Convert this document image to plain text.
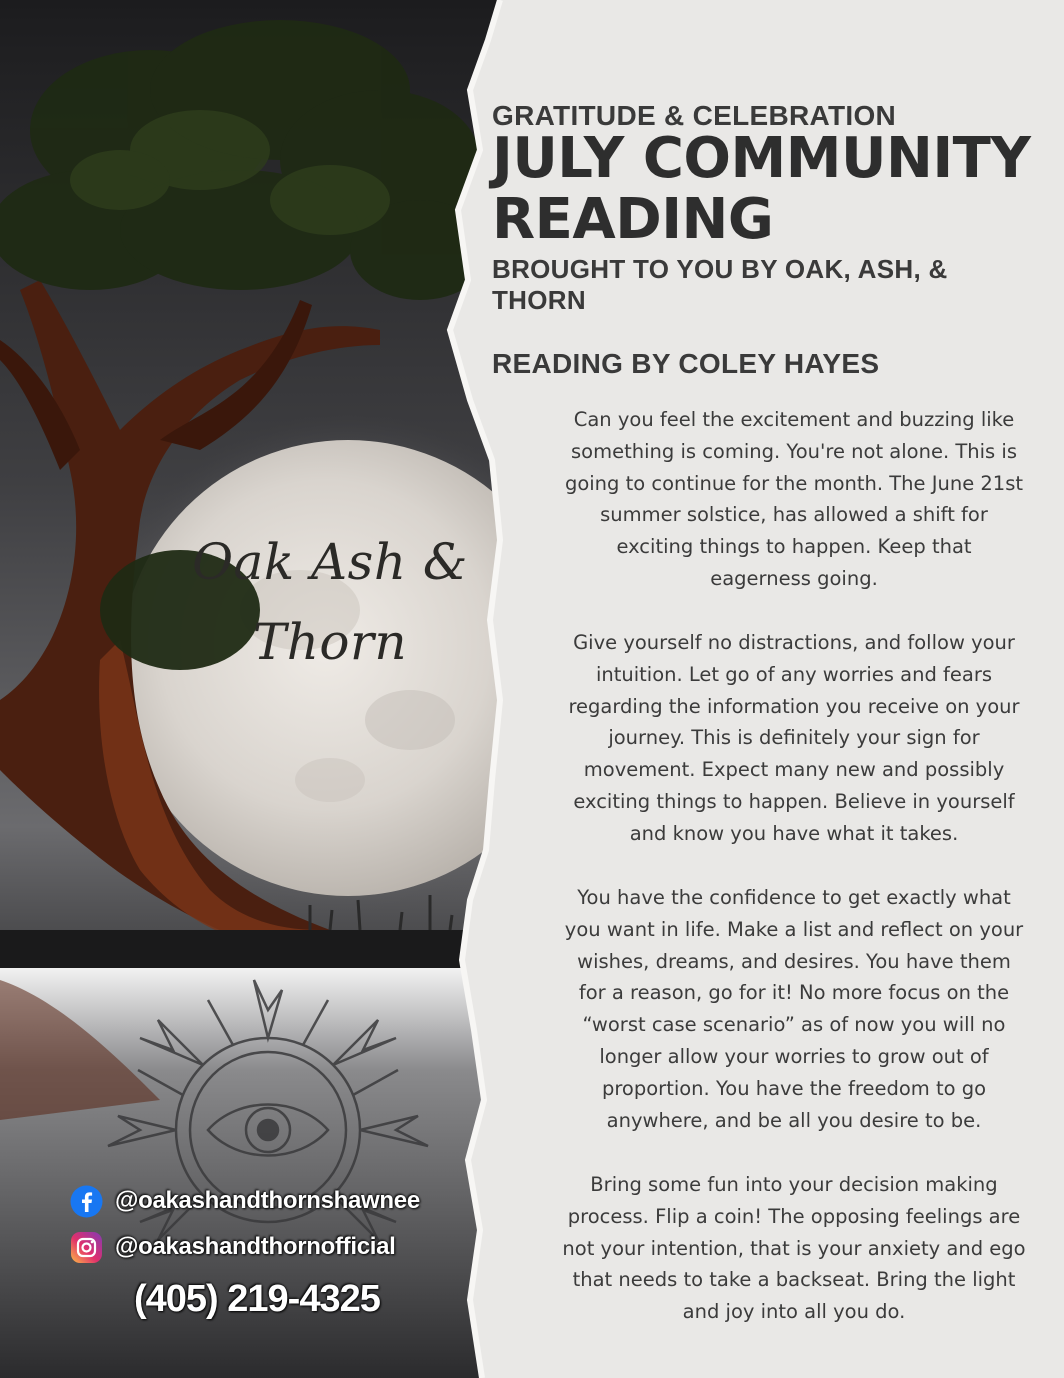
Oak Ash &
Thorn
@oakashandthornshawnee
@oakashandthornofficial
(405) 219-4325
GRATITUDE & CELEBRATION
JULY COMMUNITY
READING
BROUGHT TO YOU BY OAK, ASH, &
THORN
READING BY COLEY HAYES
Can you feel the excitement and buzzing like
something is coming. You're not alone. This is
going to continue for the month. The June 21st
summer solstice, has allowed a shift for
exciting things to happen. Keep that
eagerness going.
Give yourself no distractions, and follow your
intuition. Let go of any worries and fears
regarding the information you receive on your
journey. This is definitely your sign for
movement. Expect many new and possibly
exciting things to happen. Believe in yourself
and know you have what it takes.
You have the confidence to get exactly what
you want in life. Make a list and reflect on your
wishes, dreams, and desires. You have them
for a reason, go for it! No more focus on the
“worst case scenario” as of now you will no
longer allow your worries to grow out of
proportion. You have the freedom to go
anywhere, and be all you desire to be.
Bring some fun into your decision making
process. Flip a coin! The opposing feelings are
not your intention, that is your anxiety and ego
that needs to take a backseat. Bring the light
and joy into all you do.
